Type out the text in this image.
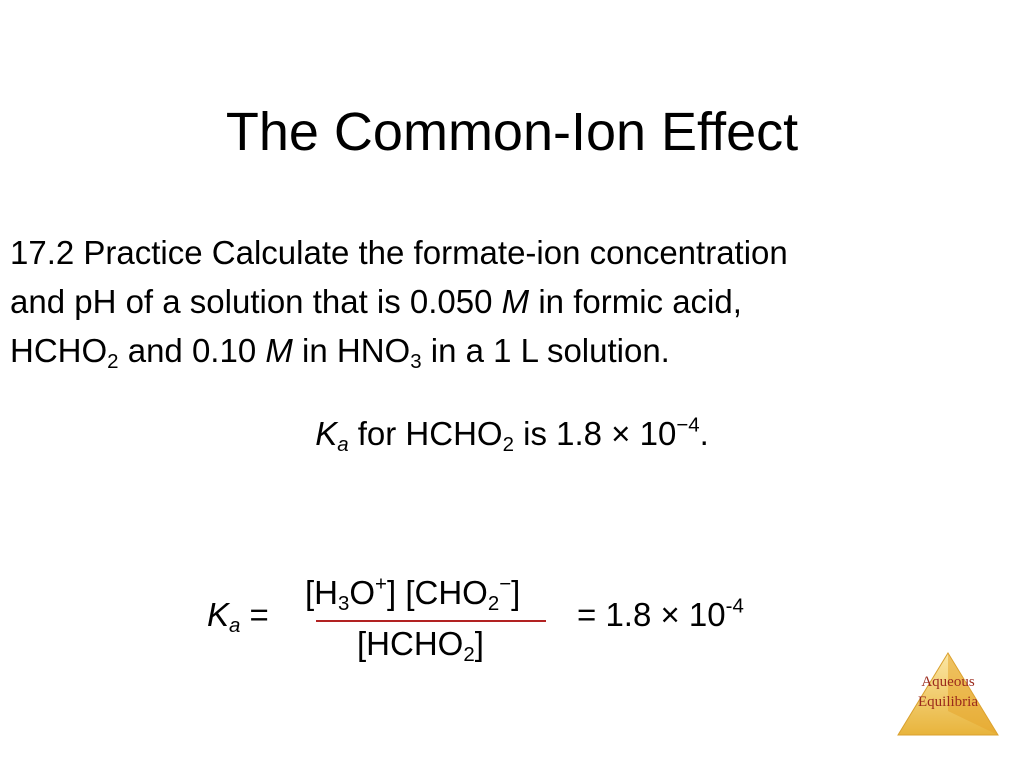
The Common-Ion Effect
17.2 Practice Calculate the formate-ion concentration
and pH of a solution that is 0.050 M in formic acid,
$HCHO_2$ and 0.10 M in $HNO_3$ in a 1 L solution.
$K_a$ for $HCHO_2$ is $1.8 \times 10^{-4}$.
$K_a$ =
$[H_3O^+]$ $[CHO_2^-]$
$[HCHO_2]$
= $1.8 \times 10^{-4}$
Aqueous
Equilibria
